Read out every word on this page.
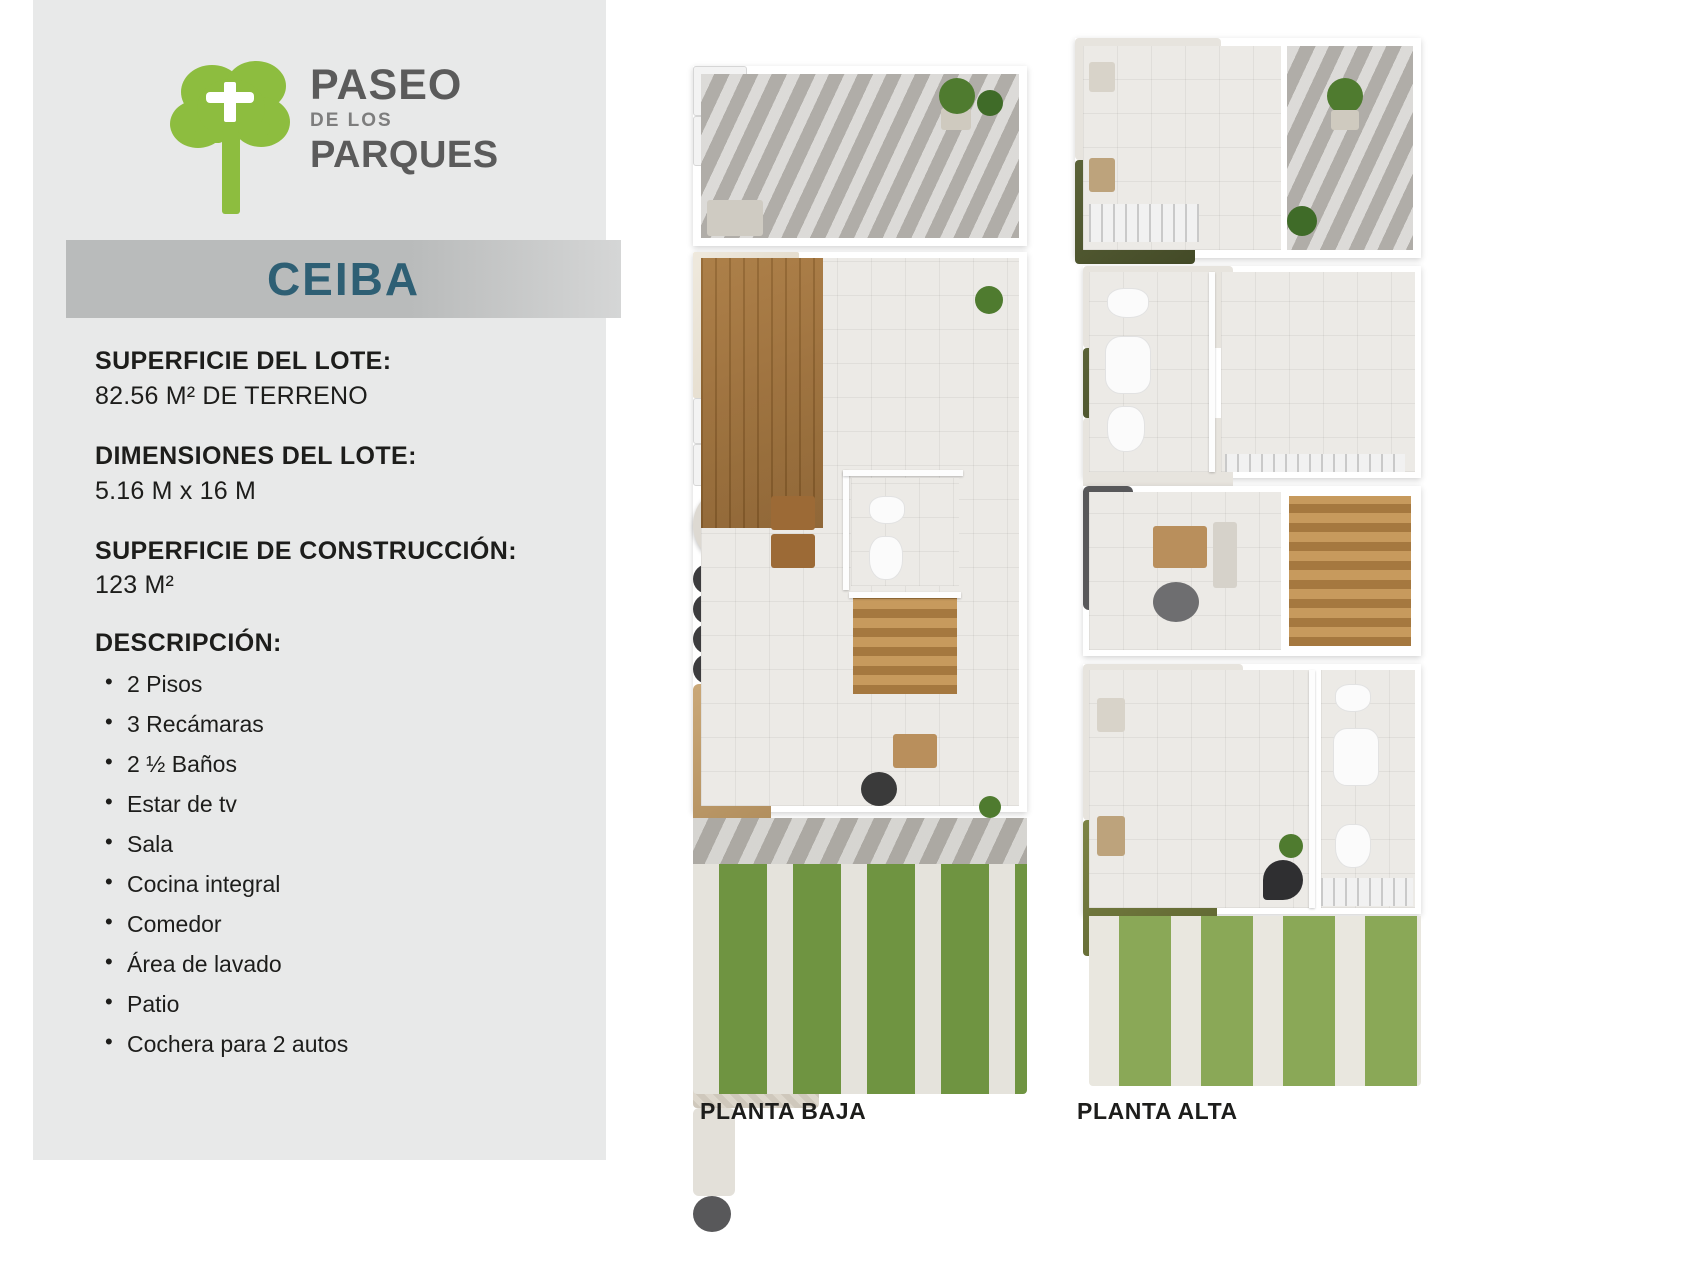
PASEO
DE LOS
PARQUES
CEIBA
SUPERFICIE DEL LOTE:
82.56 M² DE TERRENO
DIMENSIONES DEL LOTE:
5.16 M x 16 M
SUPERFICIE DE CONSTRUCCIÓN:
123 M²
DESCRIPCIÓN:
• 2 Pisos
• 3 Recámaras
• 2 ½ Baños
• Estar de tv
• Sala
• Cocina integral
• Comedor
• Área de lavado
• Patio
• Cochera para 2 autos
PLANTA BAJA	PLANTA ALTA
